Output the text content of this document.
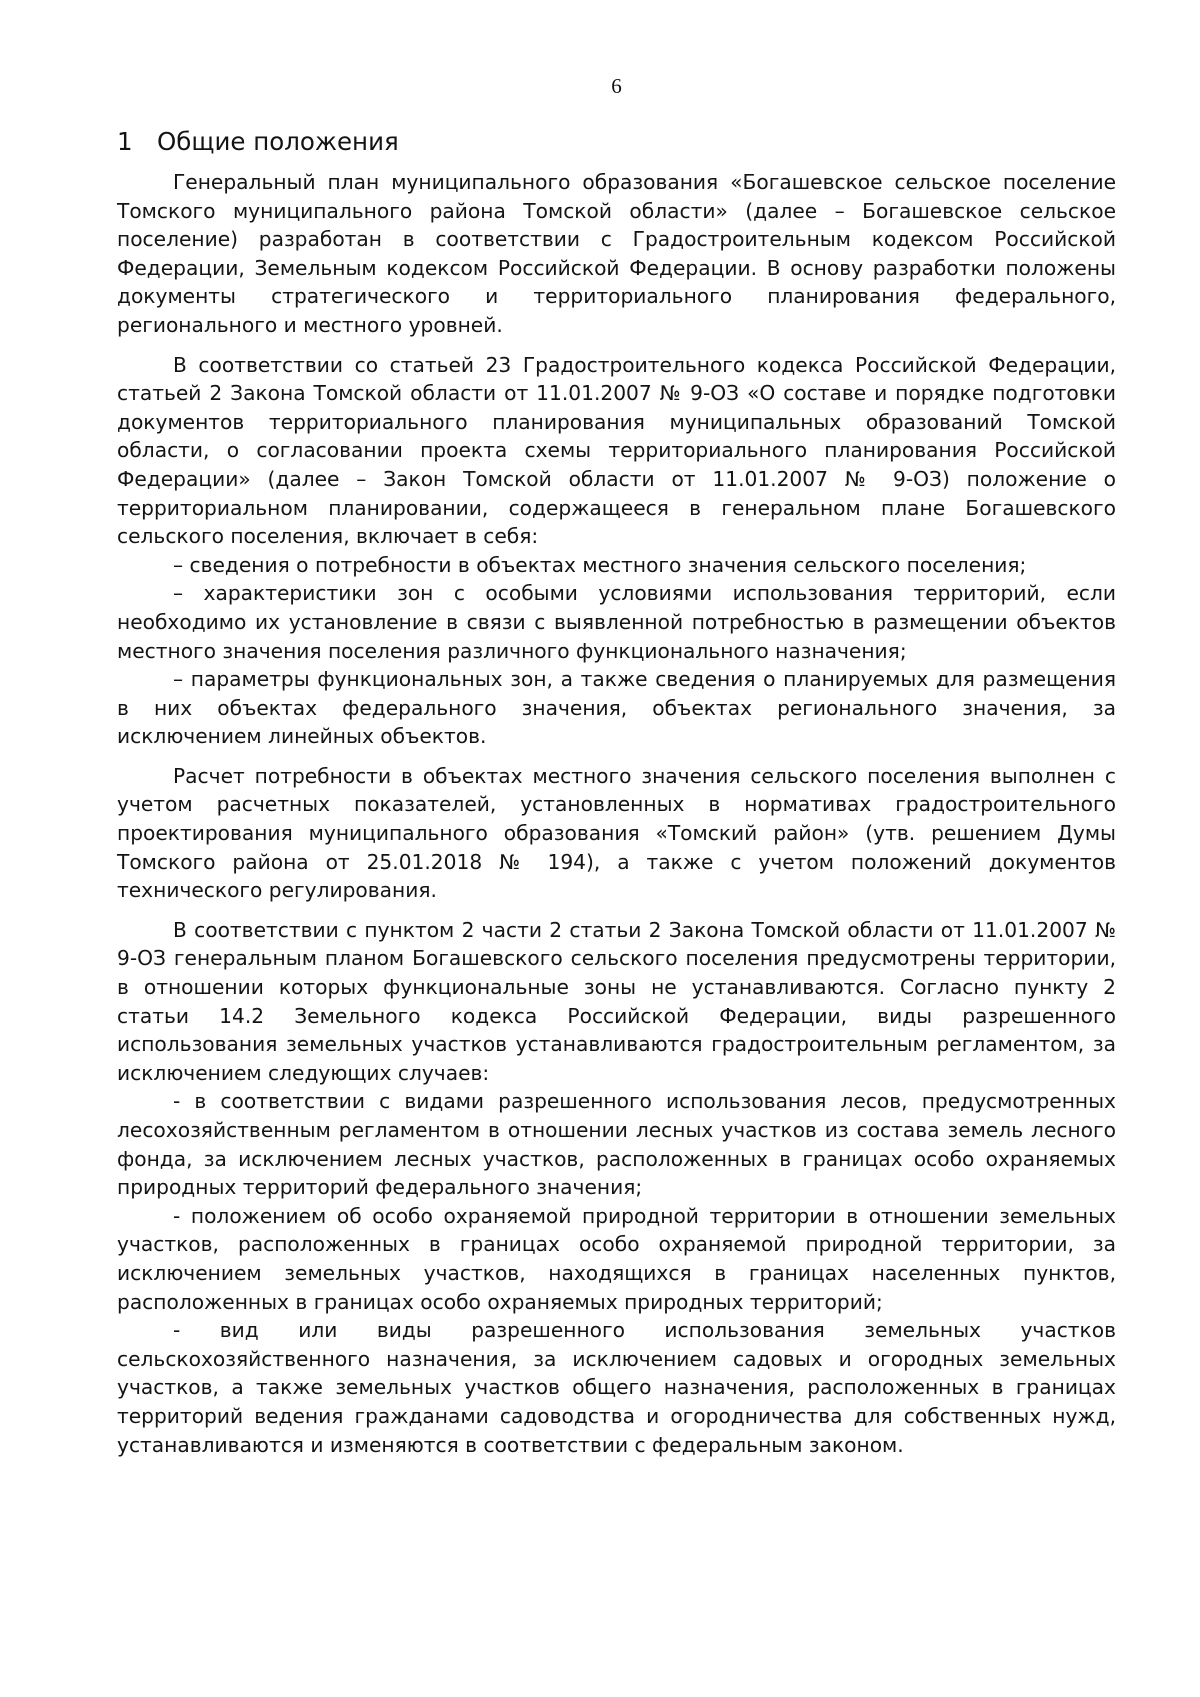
6
1 Общие положения

Генеральный план муниципального образования «Богашевское сельское поселение Томского муниципального района Томской области» (далее – Богашевское сельское поселение) разработан в соответствии с Градостроительным кодексом Российской Федерации, Земельным кодексом Российской Федерации. В основу разработки положены документы стратегического и территориального планирования федерального, регионального и местного уровней.

В соответствии со статьей 23 Градостроительного кодекса Российской Федерации, статьей 2 Закона Томской области от 11.01.2007 № 9-ОЗ «О составе и порядке подготовки документов территориального планирования муниципальных образований Томской области, о согласовании проекта схемы территориального планирования Российской Федерации» (далее – Закон Томской области от 11.01.2007 № 9-ОЗ) положение о территориальном планировании, содержащееся в генеральном плане Богашевского сельского поселения, включает в себя:

– сведения о потребности в объектах местного значения сельского поселения;

– характеристики зон с особыми условиями использования территорий, если необходимо их установление в связи с выявленной потребностью в размещении объектов местного значения поселения различного функционального назначения;

– параметры функциональных зон, а также сведения о планируемых для размещения в них объектах федерального значения, объектах регионального значения, за исключением линейных объектов.

Расчет потребности в объектах местного значения сельского поселения выполнен с учетом расчетных показателей, установленных в нормативах градостроительного проектирования муниципального образования «Томский район» (утв. решением Думы Томского района от 25.01.2018 № 194), а также с учетом положений документов технического регулирования.

В соответствии с пунктом 2 части 2 статьи 2 Закона Томской области от 11.01.2007 № 9-ОЗ генеральным планом Богашевского сельского поселения предусмотрены территории, в отношении которых функциональные зоны не устанавливаются. Согласно пункту 2 статьи 14.2 Земельного кодекса Российской Федерации, виды разрешенного использования земельных участков устанавливаются градостроительным регламентом, за исключением следующих случаев:

- в соответствии с видами разрешенного использования лесов, предусмотренных лесохозяйственным регламентом в отношении лесных участков из состава земель лесного фонда, за исключением лесных участков, расположенных в границах особо охраняемых природных территорий федерального значения;

- положением об особо охраняемой природной территории в отношении земельных участков, расположенных в границах особо охраняемой природной территории, за исключением земельных участков, находящихся в границах населенных пунктов, расположенных в границах особо охраняемых природных территорий;

- вид или виды разрешенного использования земельных участков сельскохозяйственного назначения, за исключением садовых и огородных земельных участков, а также земельных участков общего назначения, расположенных в границах территорий ведения гражданами садоводства и огородничества для собственных нужд, устанавливаются и изменяются в соответствии с федеральным законом.
